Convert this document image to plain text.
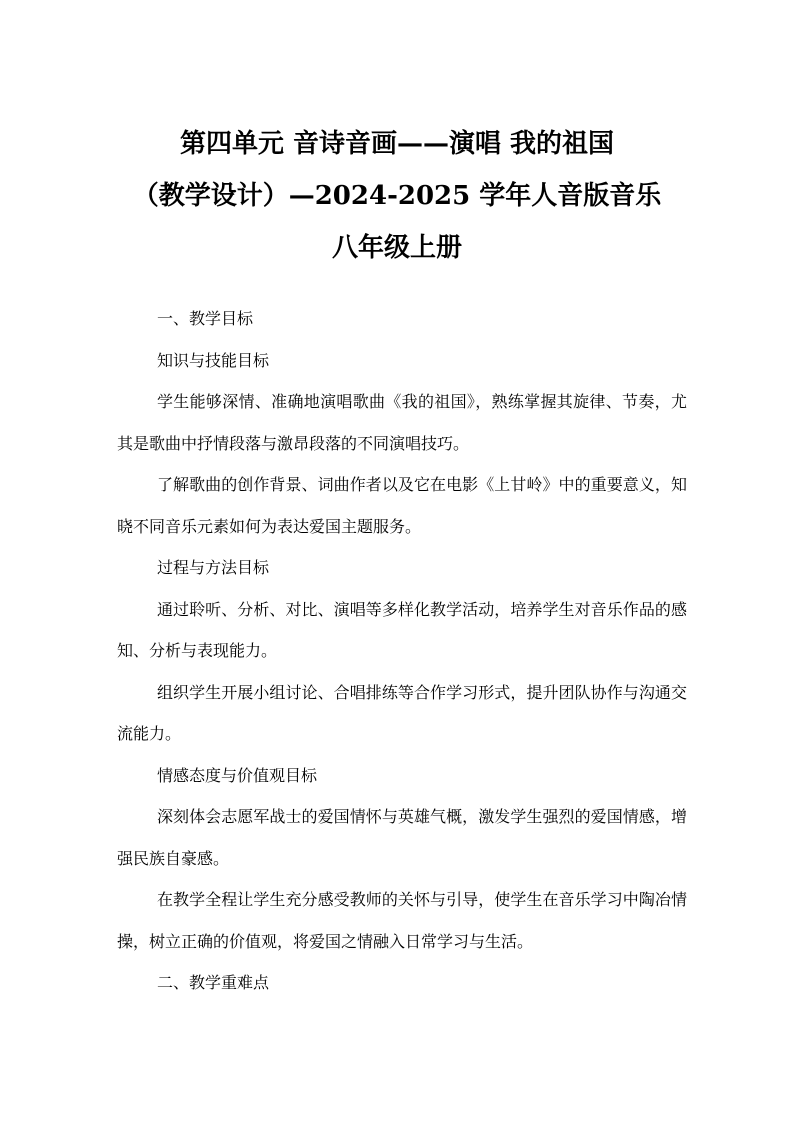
第四单元 音诗音画——演唱 我的祖国
（教学设计）—2024-2025 学年人音版音乐
八年级上册

一、教学目标

知识与技能目标

学生能够深情、准确地演唱歌曲《我的祖国》，熟练掌握其旋律、节奏，尤其是歌曲中抒情段落与激昂段落的不同演唱技巧。

了解歌曲的创作背景、词曲作者以及它在电影《上甘岭》中的重要意义，知晓不同音乐元素如何为表达爱国主题服务。

过程与方法目标

通过聆听、分析、对比、演唱等多样化教学活动，培养学生对音乐作品的感知、分析与表现能力。

组织学生开展小组讨论、合唱排练等合作学习形式，提升团队协作与沟通交流能力。

情感态度与价值观目标

深刻体会志愿军战士的爱国情怀与英雄气概，激发学生强烈的爱国情感，增强民族自豪感。

在教学全程让学生充分感受教师的关怀与引导，使学生在音乐学习中陶冶情操，树立正确的价值观，将爱国之情融入日常学习与生活。

二、教学重难点
